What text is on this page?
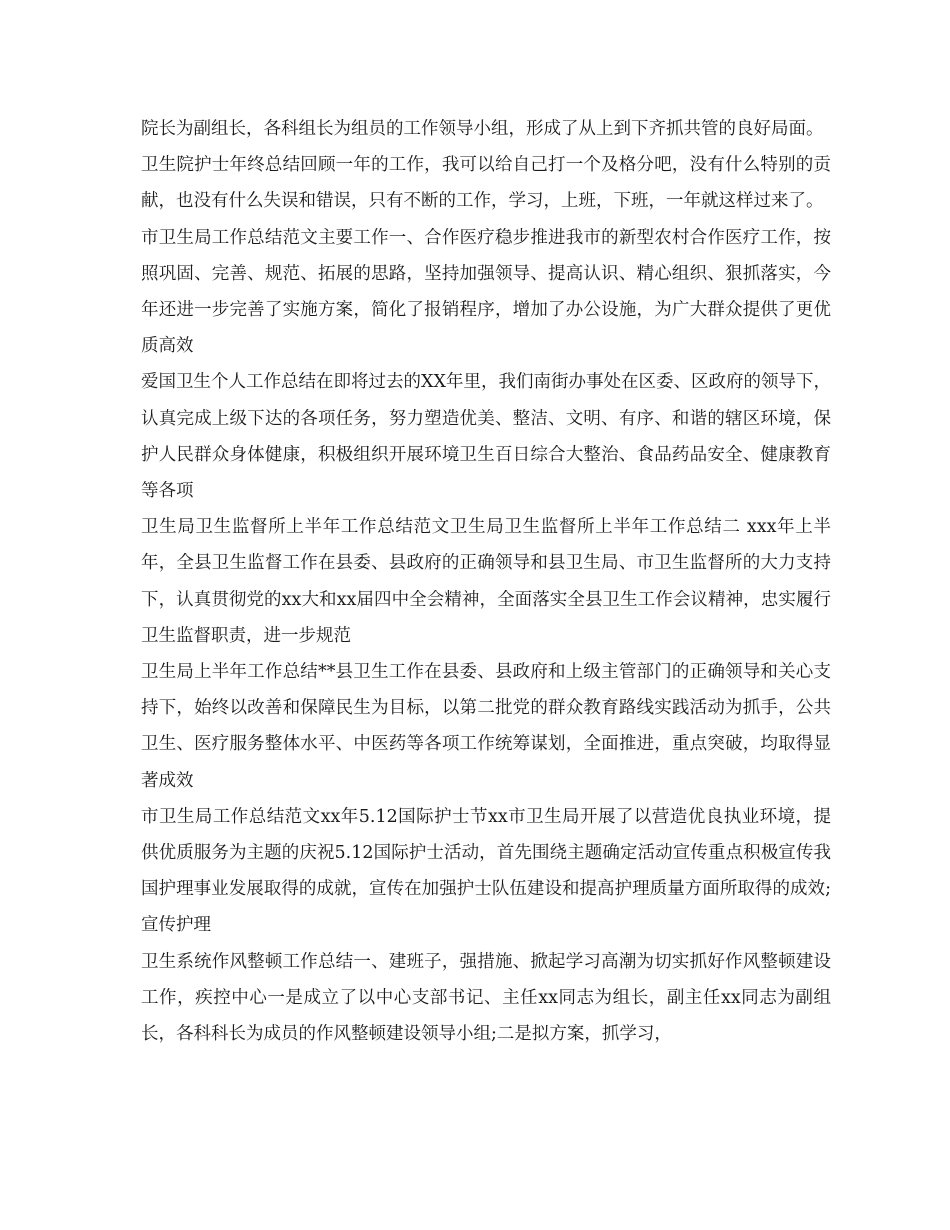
院长为副组长，各科组长为组员的工作领导小组，形成了从上到下齐抓共管的良好局面。

卫生院护士年终总结回顾一年的工作，我可以给自己打一个及格分吧，没有什么特别的贡献，也没有什么失误和错误，只有不断的工作，学习，上班，下班，一年就这样过来了。

市卫生局工作总结范文主要工作一、合作医疗稳步推进我市的新型农村合作医疗工作，按照巩固、完善、规范、拓展的思路，坚持加强领导、提高认识、精心组织、狠抓落实，今年还进一步完善了实施方案，简化了报销程序，增加了办公设施，为广大群众提供了更优质高效

爱国卫生个人工作总结在即将过去的XX年里，我们南街办事处在区委、区政府的领导下，认真完成上级下达的各项任务，努力塑造优美、整洁、文明、有序、和谐的辖区环境，保护人民群众身体健康，积极组织开展环境卫生百日综合大整治、食品药品安全、健康教育等各项

卫生局卫生监督所上半年工作总结范文卫生局卫生监督所上半年工作总结二 xxx年上半年，全县卫生监督工作在县委、县政府的正确领导和县卫生局、市卫生监督所的大力支持下，认真贯彻党的xx大和xx届四中全会精神，全面落实全县卫生工作会议精神，忠实履行卫生监督职责，进一步规范

卫生局上半年工作总结**县卫生工作在县委、县政府和上级主管部门的正确领导和关心支持下，始终以改善和保障民生为目标，以第二批党的群众教育路线实践活动为抓手，公共卫生、医疗服务整体水平、中医药等各项工作统筹谋划，全面推进，重点突破，均取得显著成效

市卫生局工作总结范文xx年5.12国际护士节xx市卫生局开展了以营造优良执业环境，提供优质服务为主题的庆祝5.12国际护士活动，首先围绕主题确定活动宣传重点积极宣传我国护理事业发展取得的成就，宣传在加强护士队伍建设和提高护理质量方面所取得的成效;宣传护理

卫生系统作风整顿工作总结一、建班子，强措施、掀起学习高潮为切实抓好作风整顿建设工作，疾控中心一是成立了以中心支部书记、主任xx同志为组长，副主任xx同志为副组长，各科科长为成员的作风整顿建设领导小组;二是拟方案，抓学习，
